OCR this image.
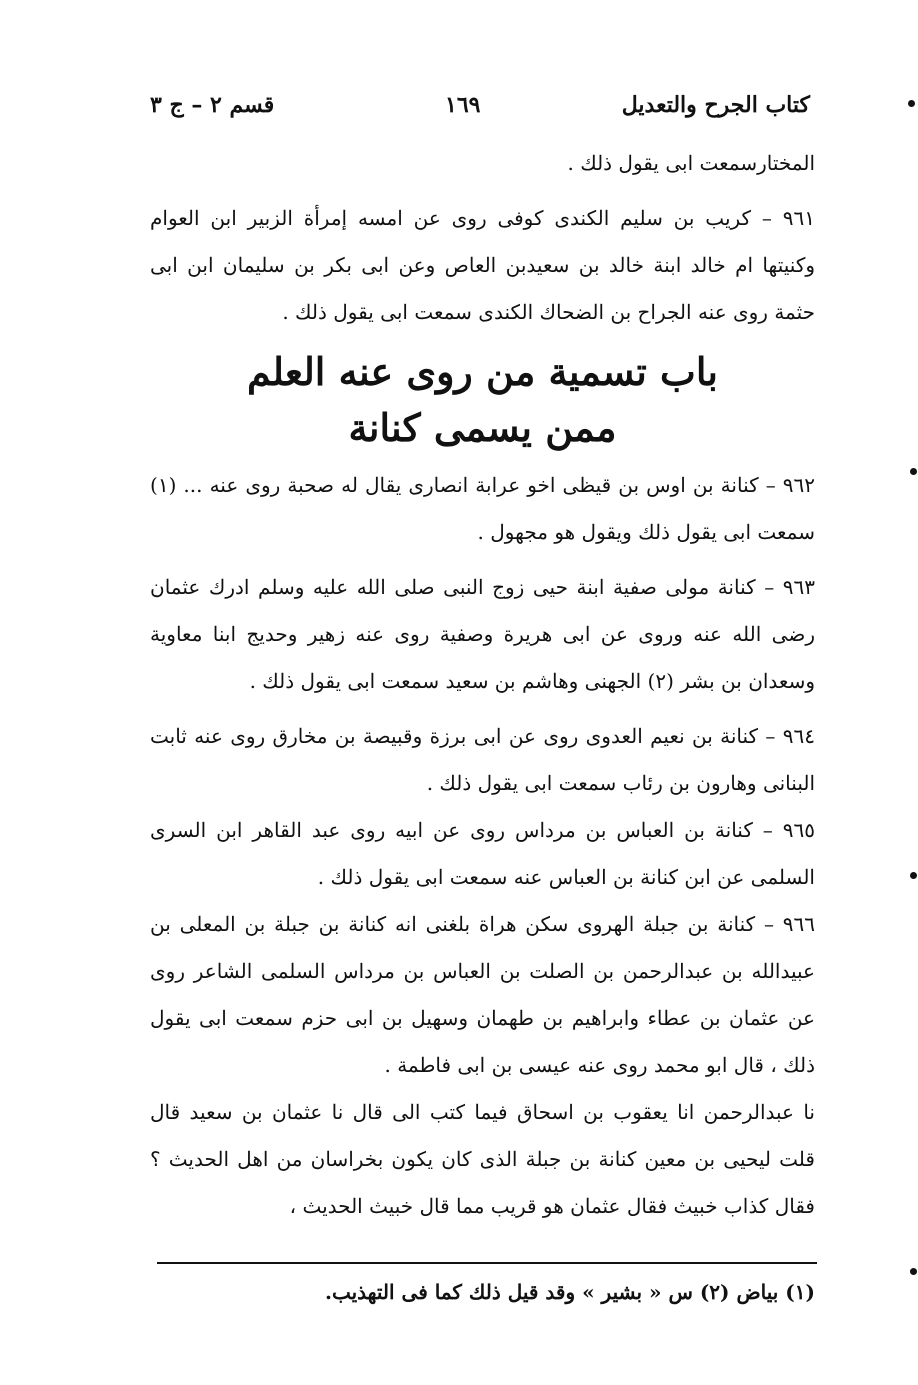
كتاب الجرح والتعديل
١٦٩
قسم ٢ – ج ٣

المختارسمعت ابى يقول ذلك .

٩٦١ – كريب بن سليم الكندى كوفى روى عن امسه إمرأة الزبير ابن العوام وكنيتها ام خالد ابنة خالد بن سعيدبن العاص وعن ابى بكر بن سليمان ابن ابى حثمة روى عنه الجراح بن الضحاك الكندى سمعت ابى يقول ذلك .

باب تسمية من روى عنه العلم
ممن يسمى كنانة

٩٦٢ – كنانة بن اوس بن قيظى اخو عرابة انصارى يقال له صحبة روى عنه ... (١) سمعت ابى يقول ذلك ويقول هو مجهول .

٩٦٣ – كنانة مولى صفية ابنة حيى زوج النبى صلى الله عليه وسلم ادرك عثمان رضى الله عنه وروى عن ابى هريرة وصفية روى عنه زهير وحديج ابنا معاوية وسعدان بن بشر (٢) الجهنى وهاشم بن سعيد سمعت ابى يقول ذلك .

٩٦٤ – كنانة بن نعيم العدوى روى عن ابى برزة وقبيصة بن مخارق روى عنه ثابت البنانى وهارون بن رئاب سمعت ابى يقول ذلك .

٩٦٥ – كنانة بن العباس بن مرداس روى عن ابيه روى عبد القاهر ابن السرى السلمى عن ابن كنانة بن العباس عنه سمعت ابى يقول ذلك .

٩٦٦ – كنانة بن جبلة الهروى سكن هراة بلغنى انه كنانة بن جبلة بن المعلى بن عبيدالله بن عبدالرحمن بن الصلت بن العباس بن مرداس السلمى الشاعر روى عن عثمان بن عطاء وابراهيم بن طهمان وسهيل بن ابى حزم سمعت ابى يقول ذلك ، قال ابو محمد روى عنه عيسى بن ابى فاطمة .

نا عبدالرحمن انا يعقوب بن اسحاق فيما كتب الى قال نا عثمان بن سعيد قال قلت ليحيى بن معين كنانة بن جبلة الذى كان يكون بخراسان من اهل الحديث ؟ فقال كذاب خبيث فقال عثمان هو قريب مما قال خبيث الحديث ،

(١) بياض (٢) س « بشير » وقد قيل ذلك كما فى التهذيب.
